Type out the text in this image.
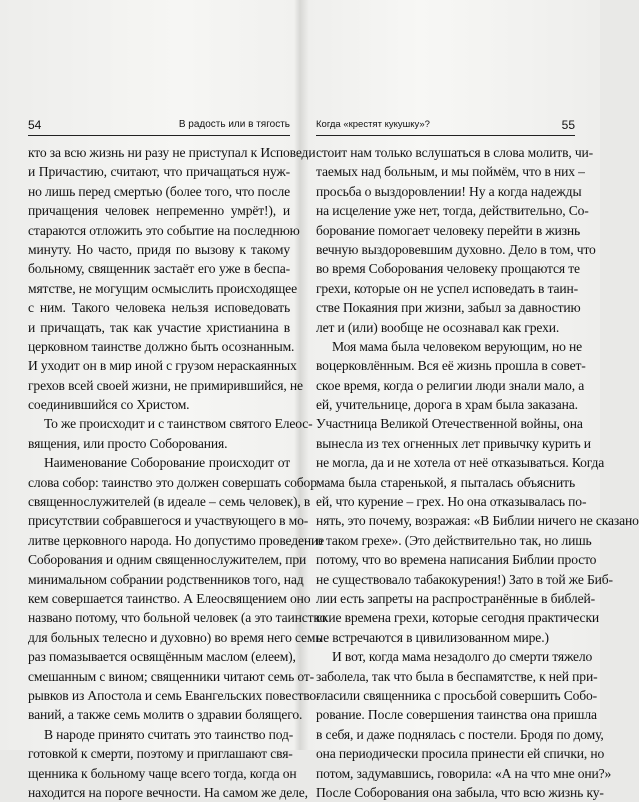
54	В радость или в тягость
кто за всю жизнь ни разу не приступал к Исповеди
и Причастию, считают, что причащаться нуж-
но лишь перед смертью (более того, что после
причащения человек непременно умрёт!), и
стараются отложить это событие на последнюю
минуту. Но часто, придя по вызову к такому
больному, священник застаёт его уже в беспа-
мятстве, не могущим осмыслить происходящее
с ним. Такого человека нельзя исповедовать
и причащать, так как участие христианина в
церковном таинстве должно быть осознанным.
И уходит он в мир иной с грузом нераскаянных
грехов всей своей жизни, не примирившийся, не
соединившийся со Христом.
То же происходит и с таинством святого Елеос-
вящения, или просто Соборования.
Наименование Соборование происходит от
слова собор: таинство это должен совершать собор
священнослужителей (в идеале – семь человек), в
присутствии собравшегося и участвующего в мо-
литве церковного народа. Но допустимо проведение
Соборования и одним священнослужителем, при
минимальном собрании родственников того, над
кем совершается таинство. А Елеосвящением оно
названо потому, что больной человек (а это таинство
для больных телесно и духовно) во время него семь
раз помазывается освящённым маслом (елеем),
смешанным с вином; священники читают семь от-
рывков из Апостола и семь Евангельских повество-
ваний, а также семь молитв о здравии болящего.
В народе принято считать это таинство под-
готовкой к смерти, поэтому и приглашают свя-
щенника к больному чаще всего тогда, когда он
находится на пороге вечности. На самом же деле,
Когда «крестят кукушку»?	55
стоит нам только вслушаться в слова молитв, чи-
таемых над больным, и мы поймём, что в них –
просьба о выздоровлении! Ну а когда надежды
на исцеление уже нет, тогда, действительно, Со-
борование помогает человеку перейти в жизнь
вечную выздоровевшим духовно. Дело в том, что
во время Соборования человеку прощаются те
грехи, которые он не успел исповедать в таин-
стве Покаяния при жизни, забыл за давностию
лет и (или) вообще не осознавал как грехи.
Моя мама была человеком верующим, но не
воцерковлённым. Вся её жизнь прошла в совет-
ское время, когда о религии люди знали мало, а
ей, учительнице, дорога в храм была заказана.
Участница Великой Отечественной войны, она
вынесла из тех огненных лет привычку курить и
не могла, да и не хотела от неё отказываться. Когда
мама была старенькой, я пыталась объяснить
ей, что курение – грех. Но она отказывалась по-
нять, это почему, возражая: «В Библии ничего не сказано
о таком грехе». (Это действительно так, но лишь
потому, что во времена написания Библии просто
не существовало табакокурения!) Зато в той же Биб-
лии есть запреты на распространённые в библей-
ские времена грехи, которые сегодня практически
не встречаются в цивилизованном мире.)
И вот, когда мама незадолго до смерти тяжело
заболела, так что была в беспамятстве, к ней при-
гласили священника с просьбой совершить Собо-
рование. После совершения таинства она пришла
в себя, и даже поднялась с постели. Бродя по дому,
она периодически просила принести ей спички, но
потом, задумавшись, говорила: «А на что мне они?»
После Соборования она забыла, что всю жизнь ку-
